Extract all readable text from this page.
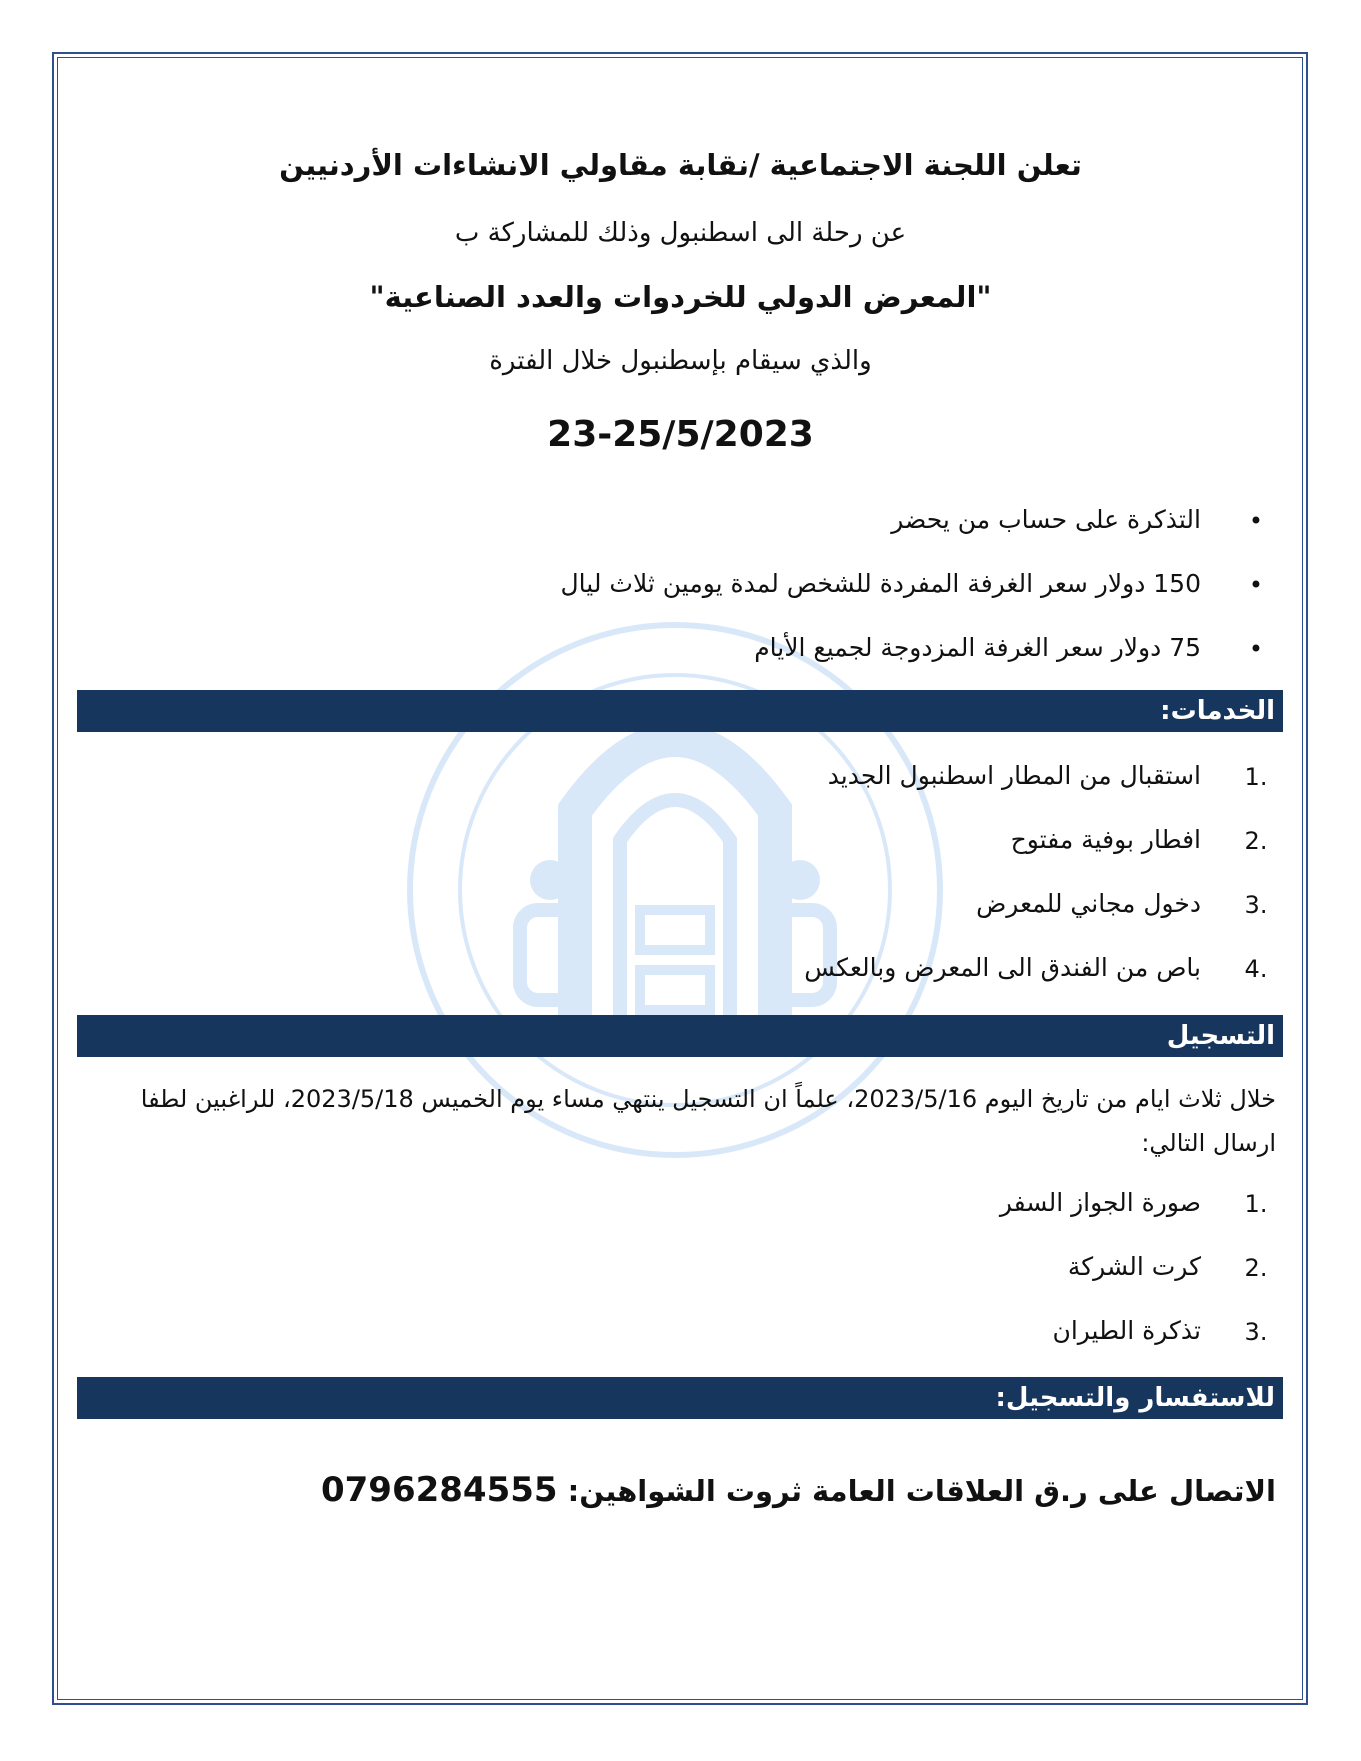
تعلن اللجنة الاجتماعية /نقابة مقاولي الانشاءات الأردنيين
عن رحلة الى اسطنبول وذلك للمشاركة ب
"المعرض الدولي للخردوات والعدد الصناعية"
والذي سيقام بإسطنبول خلال الفترة
23-25/5/2023
•
التذكرة على حساب من يحضر
•
150 دولار سعر الغرفة المفردة للشخص لمدة يومين ثلاث ليال
•
75 دولار سعر الغرفة المزدوجة لجميع الأيام
الخدمات:
1.
استقبال من المطار اسطنبول الجديد
2.
افطار بوفية مفتوح
3.
دخول مجاني للمعرض
4.
باص من الفندق الى المعرض وبالعكس
التسجيل
خلال ثلاث ايام من تاريخ اليوم 2023/5/16، علماً ان التسجيل ينتهي مساء يوم الخميس 2023/5/18، للراغبين لطفا ارسال التالي:
1.
صورة الجواز السفر
2.
كرت الشركة
3.
تذكرة الطيران
للاستفسار والتسجيل:
الاتصال على ر.ق العلاقات العامة ثروت الشواهين: 0796284555
